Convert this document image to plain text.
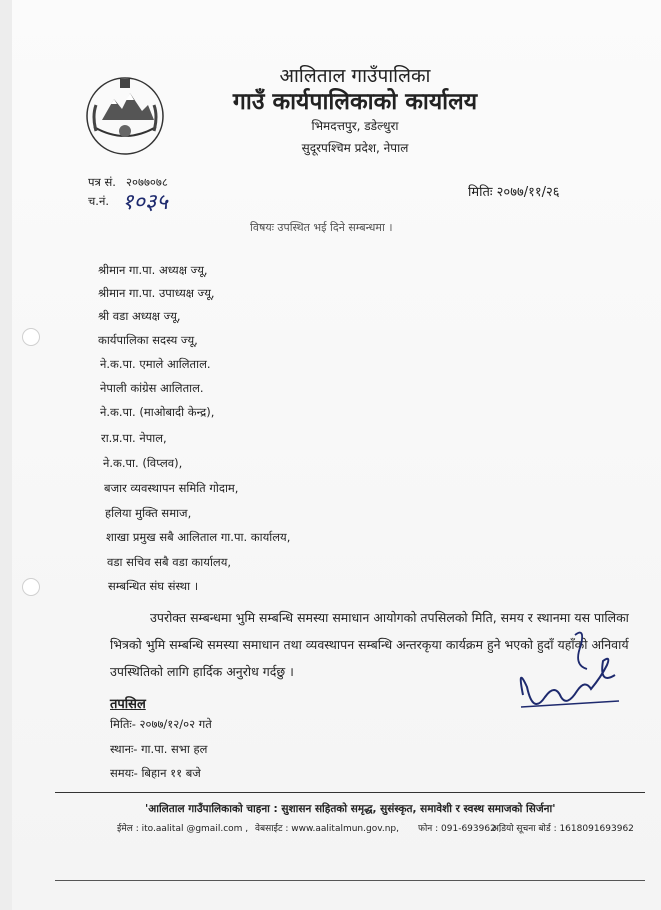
आलिताल गाउँपालिका
गाउँ कार्यपालिकाको कार्यालय
भिमदत्तपुर, डडेल्धुरा
सुदूरपश्चिम प्रदेश, नेपाल
पत्र सं. २०७७०७८
च.नं. १०३५	मितिः २०७७/११/२६
विषयः उपस्थित भई दिने सम्बन्धमा ।
श्रीमान गा.पा. अध्यक्ष ज्यू,
श्रीमान गा.पा. उपाध्यक्ष ज्यू,
श्री वडा अध्यक्ष ज्यू,
कार्यपालिका सदस्य ज्यू,
ने.क.पा. एमाले आलिताल.
नेपाली कांग्रेस आलिताल.
ने.क.पा. (माओबादी केन्द्र),
रा.प्र.पा. नेपाल,
ने.क.पा. (विप्लव),
बजार व्यवस्थापन समिति गोदाम,
हलिया मुक्ति समाज,
शाखा प्रमुख सबै आलिताल गा.पा. कार्यालय,
वडा सचिव सबै वडा कार्यालय,
सम्बन्धित संघ संस्था ।
उपरोक्त सम्बन्धमा भुमि सम्बन्धि समस्या समाधान आयोगको तपसिलको मिति, समय र स्थानमा यस पालिका भित्रको भुमि सम्बन्धि समस्या समाधान तथा व्यवस्थापन सम्बन्धि अन्तरकृया कार्यक्रम हुने भएको हुदाँ यहाँको अनिवार्य उपस्थितिको लागि हार्दिक अनुरोध गर्दछु ।
तपसिल
मितिः- २०७७/१२/०२ गते
स्थानः- गा.पा. सभा हल
समयः- बिहान ११ बजे
'आलिताल गाउँपालिकाको चाहना : सुशासन सहितको समृद्ध, सुसंस्कृत, समावेशी र स्वस्थ समाजको सिर्जना'
ईमेल : ito.aalital @gmail.com , वेबसाईट : www.aalitalmun.gov.np, फोन : 091-693962 ,
अडियो सूचना बोर्ड : 1618091693962
